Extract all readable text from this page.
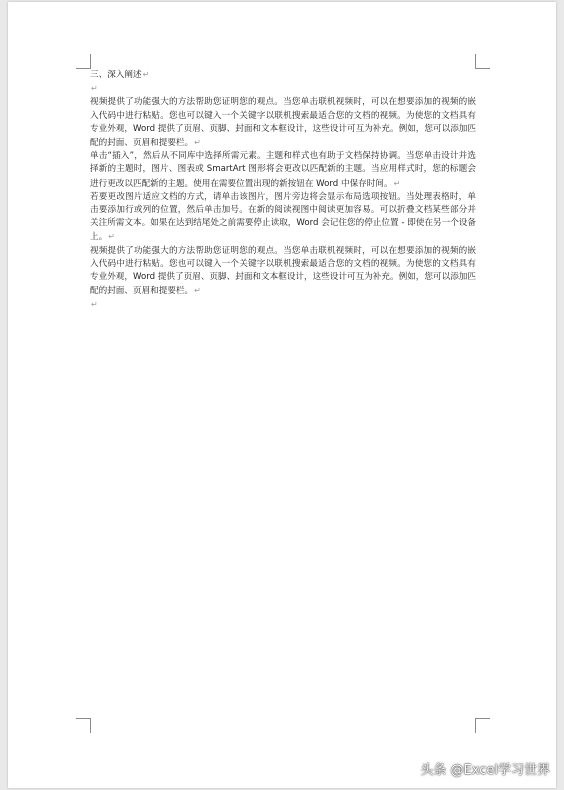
三、深入阐述↵

↵

视频提供了功能强大的方法帮助您证明您的观点。当您单击联机视频时，可以在想要添加的视频的嵌入代码中进行粘贴。您也可以键入一个关键字以联机搜索最适合您的文档的视频。为使您的文档具有专业外观，Word 提供了页眉、页脚、封面和文本框设计，这些设计可互为补充。例如，您可以添加匹配的封面、页眉和提要栏。↵

单击“插入”，然后从不同库中选择所需元素。主题和样式也有助于文档保持协调。当您单击设计并选择新的主题时，图片、图表或 SmartArt 图形将会更改以匹配新的主题。当应用样式时，您的标题会进行更改以匹配新的主题。使用在需要位置出现的新按钮在 Word 中保存时间。↵

若要更改图片适应文档的方式，请单击该图片，图片旁边将会显示布局选项按钮。当处理表格时，单击要添加行或列的位置，然后单击加号。在新的阅读视图中阅读更加容易。可以折叠文档某些部分并关注所需文本。如果在达到结尾处之前需要停止读取，Word 会记住您的停止位置 - 即使在另一个设备上。↵

视频提供了功能强大的方法帮助您证明您的观点。当您单击联机视频时，可以在想要添加的视频的嵌入代码中进行粘贴。您也可以键入一个关键字以联机搜索最适合您的文档的视频。为使您的文档具有专业外观，Word 提供了页眉、页脚、封面和文本框设计，这些设计可互为补充。例如，您可以添加匹配的封面、页眉和提要栏。↵

↵

头条 @Excel学习世界
